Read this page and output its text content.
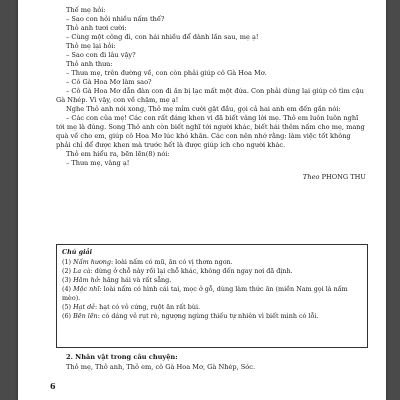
Thế mẹ hỏi:

– Sao con hỏi nhiều nấm thế?

Thỏ anh tươi cười:

– Cùng một công đi, con hái nhiều để dành lần sau, mẹ ạ!

Thỏ mẹ lại hỏi:

– Sao con đi lâu vậy?

Thỏ anh thưa:

– Thưa mẹ, trên đường về, con còn phải giúp cô Gà Hoa Mơ.

– Cô Gà Hoa Mơ làm sao?

– Cô Gà Hoa Mơ dẫn đàn con đi ăn bị lạc mất một đứa. Con phải dùng lại giúp cô tìm cậu Gà Nhép. Vì vậy, con về chậm, mẹ ạ!

Nghe Thỏ anh nói xong, Thỏ mẹ mỉm cười gật đầu, gọi cả hai anh em đến gần nói:

– Các con của mẹ! Các con rất đáng khen vì đã biết vâng lời mẹ. Thỏ em luôn luôn nghĩ tới mẹ là đúng. Song Thỏ anh còn biết nghĩ tới người khác, biết hái thêm nấm cho mẹ, mang quà về cho em, giúp cô Hoa Mơ lúc khó khăn. Các con nên nhớ rằng: làm việc tốt không phải chỉ để được khen mà trước hết là được giúp ích cho người khác.

Thỏ em hiểu ra, bẽn lẽn(8) nói:

– Thưa mẹ, vâng ạ!

Theo PHONG THU

Chú giải

(1) Nấm hương: loài nấm có mũ, ăn có vị thơm ngon.

(2) La cà: dừng ở chỗ này rồi lại chỗ khác, không đến ngay nơi đã định.

(3) Hăm hở: hăng hái và rất sẵng.

(4) Mộc nhĩ: loài nấm có hình cái tai, mọc ở gỗ, dùng làm thức ăn (miền Nam gọi là nấm mèo).

(5) Hạt dẻ: hạt có vỏ cứng, ruột ăn rất bùi.

(6) Bẽn lẽn: có dáng vẻ rụt rè, ngượng ngùng thiếu tự nhiên vì biết mình có lỗi.

2. Nhân vật trong câu chuyện:
Thỏ mẹ, Thỏ anh, Thỏ em, cô Gà Hoa Mơ, Gà Nhép, Sóc.
6
